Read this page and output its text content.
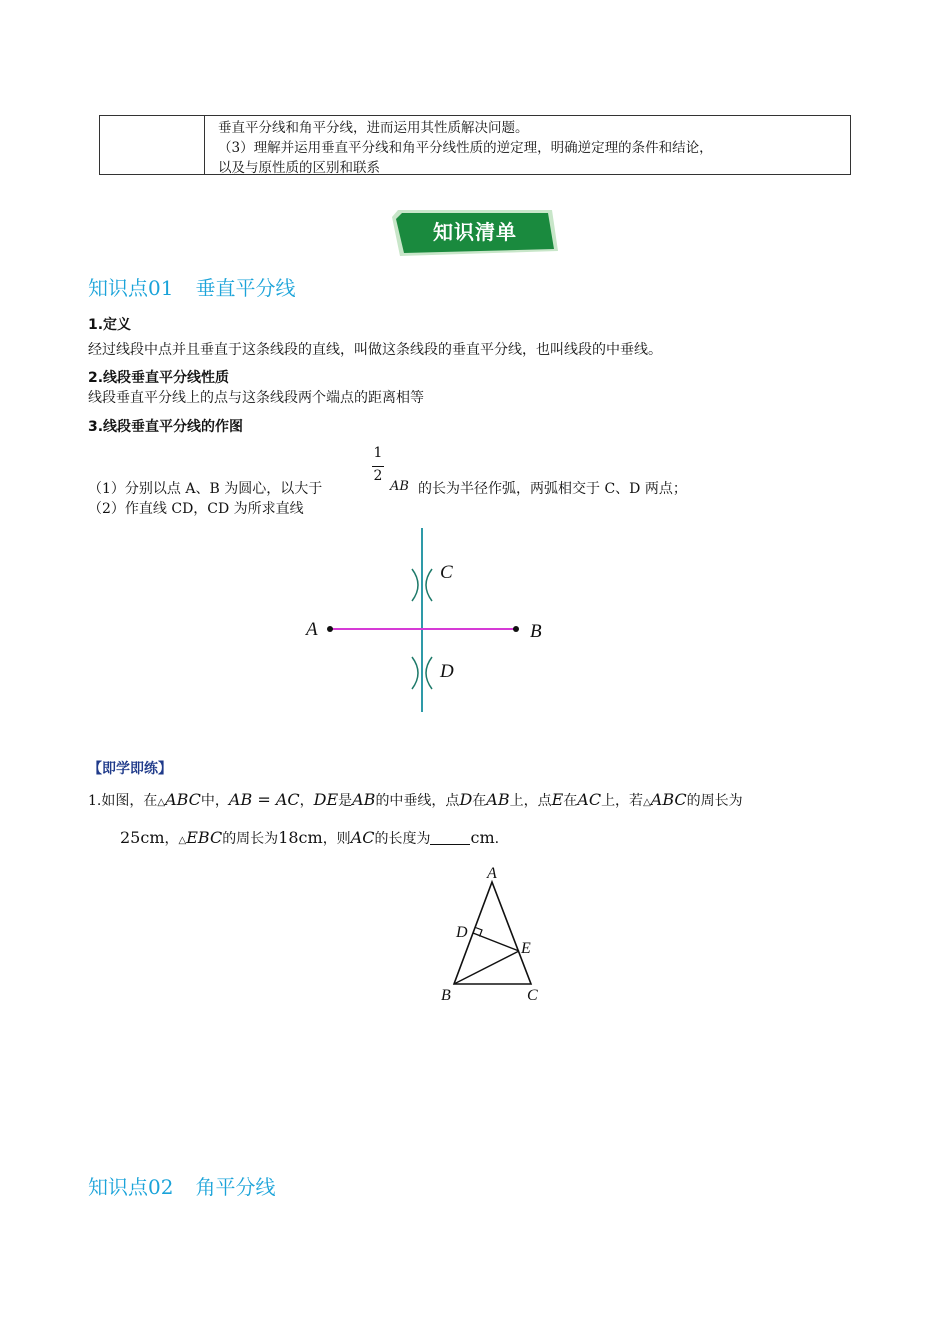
垂直平分线和角平分线，进而运用其性质解决问题。
（3）理解并运用垂直平分线和角平分线性质的逆定理，明确逆定理的条件和结论，
以及与原性质的区别和联系
知识清单
知识点01 垂直平分线
1.定义
经过线段中点并且垂直于这条线段的直线，叫做这条线段的垂直平分线，也叫线段的中垂线。
2.线段垂直平分线性质
线段垂直平分线上的点与这条线段两个端点的距离相等
3.线段垂直平分线的作图
（1）分别以点 A、B 为圆心，以大于
1
2
AB 的长为半径作弧，两弧相交于 C、D 两点；
（2）作直线 CD，CD 为所求直线
A	B
C
D
【即学即练】
1.如图，在△ABC中，AB = AC，DE是AB的中垂线，点D在AB上，点E在AC上，若△ABC的周长为
25cm，△EBC的周长为18cm，则AC的长度为	cm.
A
D
E
B	C
知识点02 角平分线
